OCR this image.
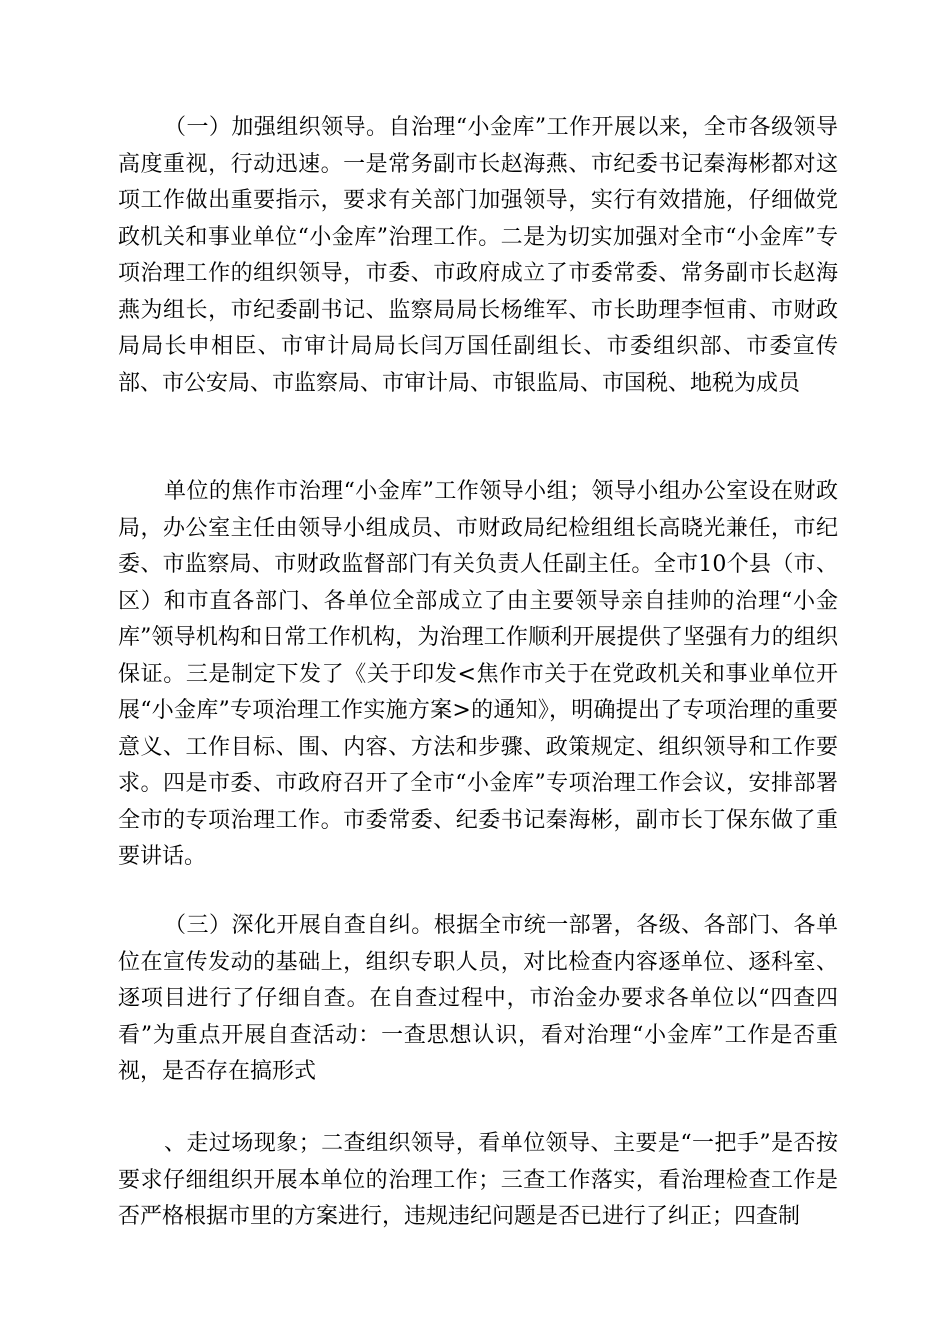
（一）加强组织领导。自治理“小金库”工作开展以来，全市各级领导高度重视，行动迅速。一是常务副市长赵海燕、市纪委书记秦海彬都对这项工作做出重要指示，要求有关部门加强领导，实行有效措施，仔细做党政机关和事业单位“小金库”治理工作。二是为切实加强对全市“小金库”专项治理工作的组织领导，市委、市政府成立了市委常委、常务副市长赵海燕为组长，市纪委副书记、监察局局长杨维军、市长助理李恒甫、市财政局局长申相臣、市审计局局长闫万国任副组长、市委组织部、市委宣传部、市公安局、市监察局、市审计局、市银监局、市国税、地税为成员

单位的焦作市治理“小金库”工作领导小组；领导小组办公室设在财政局，办公室主任由领导小组成员、市财政局纪检组组长高晓光兼任，市纪委、市监察局、市财政监督部门有关负责人任副主任。全市10个县（市、区）和市直各部门、各单位全部成立了由主要领导亲自挂帅的治理“小金库”领导机构和日常工作机构，为治理工作顺利开展提供了坚强有力的组织保证。三是制定下发了《关于印发<焦作市关于在党政机关和事业单位开展“小金库”专项治理工作实施方案>的通知》，明确提出了专项治理的重要意义、工作目标、围、内容、方法和步骤、政策规定、组织领导和工作要求。四是市委、市政府召开了全市“小金库”专项治理工作会议，安排部署全市的专项治理工作。市委常委、纪委书记秦海彬，副市长丁保东做了重要讲话。

（三）深化开展自查自纠。根据全市统一部署，各级、各部门、各单位在宣传发动的基础上，组织专职人员，对比检查内容逐单位、逐科室、逐项目进行了仔细自查。在自查过程中，市治金办要求各单位以“四查四看”为重点开展自查活动：一查思想认识，看对治理“小金库”工作是否重视，是否存在搞形式

、走过场现象；二查组织领导，看单位领导、主要是“一把手”是否按要求仔细组织开展本单位的治理工作；三查工作落实，看治理检查工作是否严格根据市里的方案进行，违规违纪问题是否已进行了纠正；四查制
